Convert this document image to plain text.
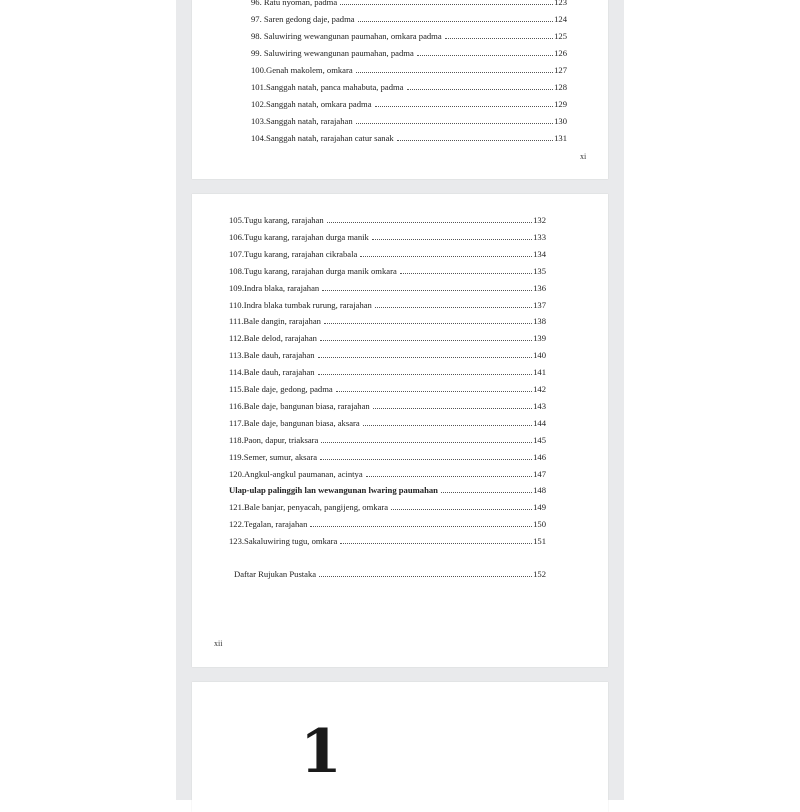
96. Ratu nyoman, padma	123
97. Saren gedong daje, padma	124
98. Saluwiring wewangunan paumahan, omkara padma	125
99. Saluwiring wewangunan paumahan, padma	126
100.Genah makolem, omkara	127
101.Sanggah natah, panca mahabuta, padma	128
102.Sanggah natah, omkara padma	129
103.Sanggah natah, rarajahan	130
104.Sanggah natah, rarajahan catur sanak	131
xi
105.Tugu karang, rarajahan	132
106.Tugu karang, rarajahan durga manik	133
107.Tugu karang, rarajahan cikrabala	134
108.Tugu karang, rarajahan durga manik omkara	135
109.Indra blaka, rarajahan	136
110.Indra blaka tumbak rurung, rarajahan	137
111.Bale dangin, rarajahan	138
112.Bale delod, rarajahan	139
113.Bale dauh, rarajahan	140
114.Bale dauh, rarajahan	141
115.Bale daje, gedong, padma	142
116.Bale daje, bangunan biasa, rarajahan	143
117.Bale daje, bangunan biasa, aksara	144
118.Paon, dapur, triaksara	145
119.Semer, sumur, aksara	146
120.Angkul-angkul paumanan, acintya	147
Ulap-ulap palinggih lan wewangunan lwaring paumahan	148
121.Bale banjar, penyacah, pangijeng, omkara	149
122.Tegalan, rarajahan	150
123.Sakaluwiring tugu, omkara	151
Daftar Rujukan Pustaka	152
xii
1
